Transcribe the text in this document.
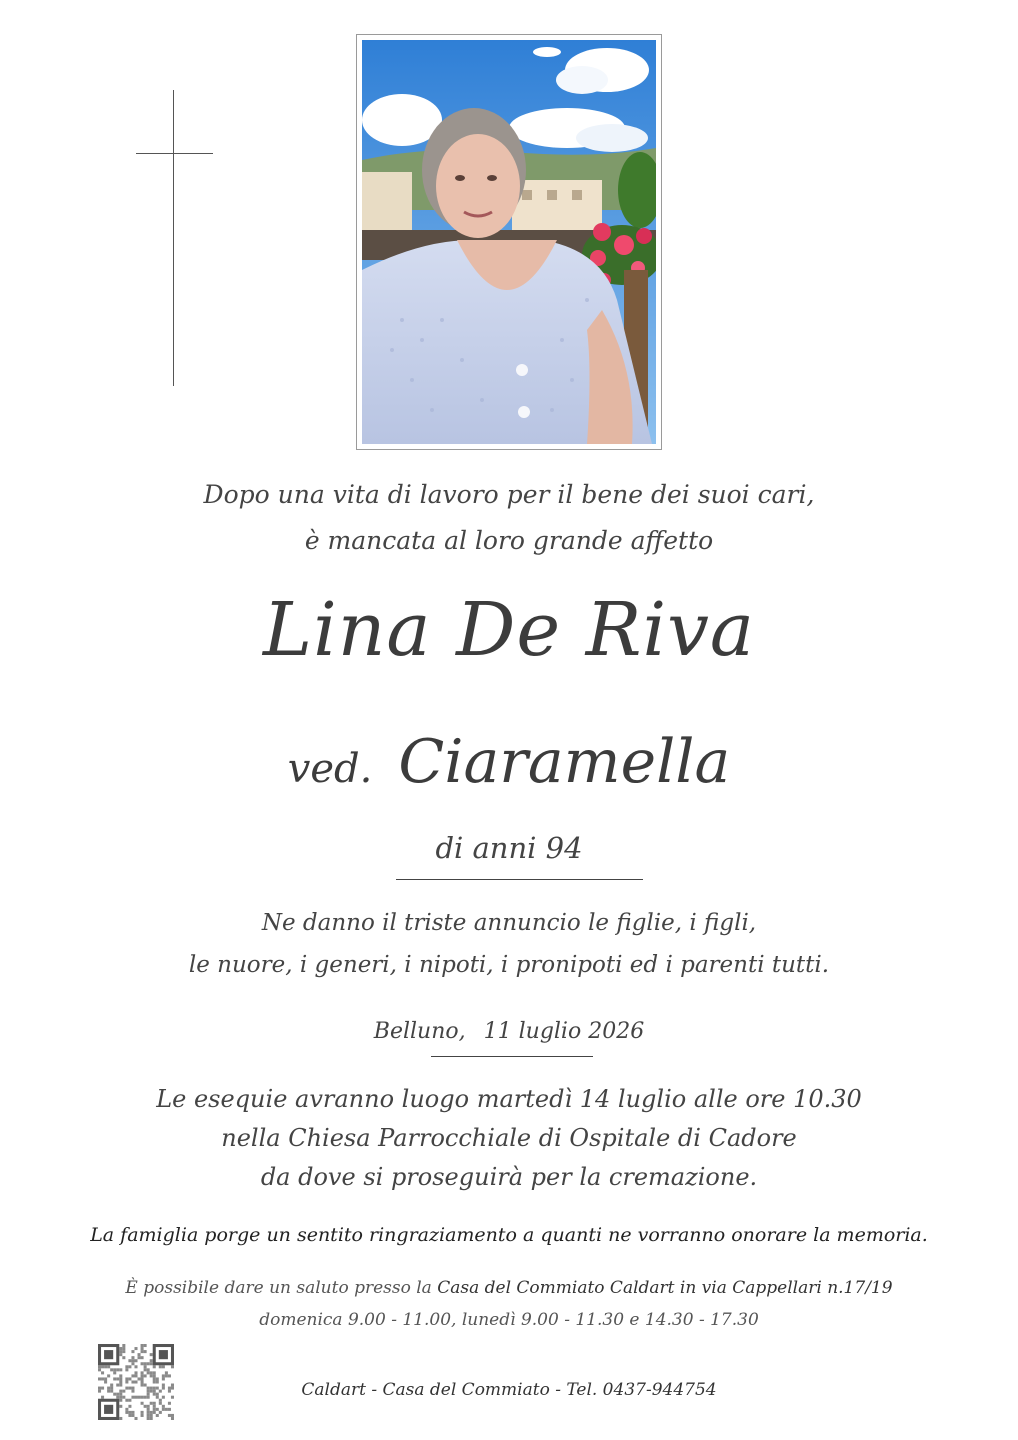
Dopo una vita di lavoro per il bene dei suoi cari,
è mancata al loro grande affetto
Lina De Riva
ved. Ciaramella
di anni 94
Ne danno il triste annuncio le figlie, i figli,
le nuore, i generi, i nipoti, i pronipoti ed i parenti tutti.
Belluno, 11 luglio 2026
Le esequie avranno luogo martedì 14 luglio alle ore 10.30
nella Chiesa Parrocchiale di Ospitale di Cadore
da dove si proseguirà per la cremazione.
La famiglia porge un sentito ringraziamento a quanti ne vorranno onorare la memoria.
È possibile dare un saluto presso la Casa del Commiato Caldart in via Cappellari n.17/19
domenica 9.00 - 11.00, lunedì 9.00 - 11.30 e 14.30 - 17.30
Caldart - Casa del Commiato - Tel. 0437-944754
